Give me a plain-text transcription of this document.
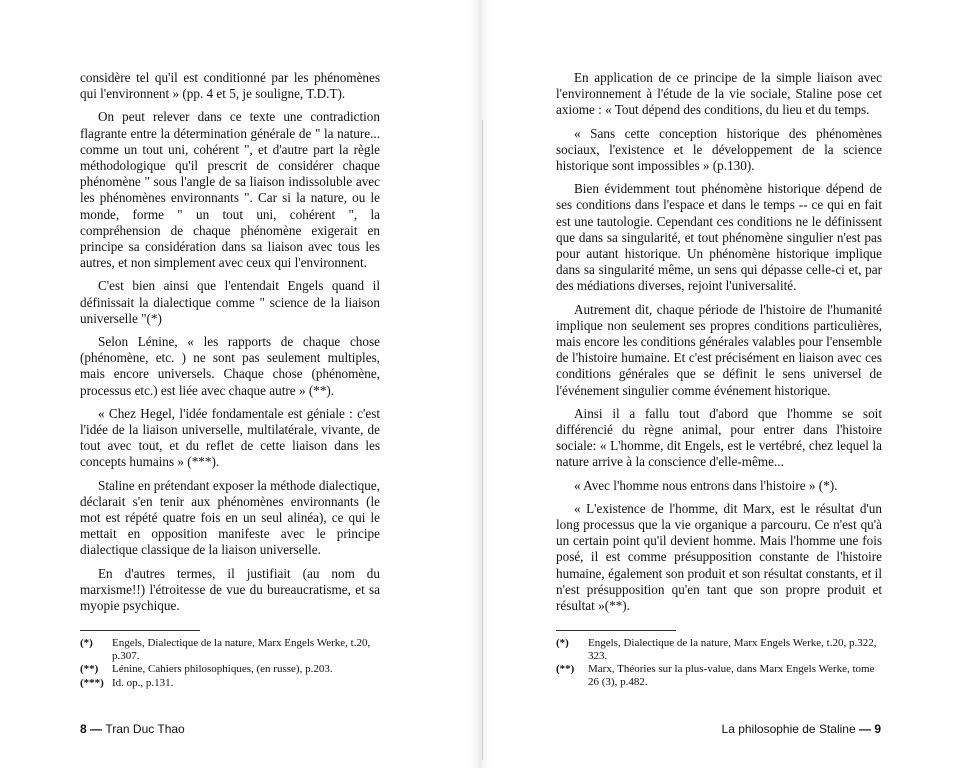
considère tel qu'il est conditionné par les phénomènes qui l'environnent » (pp. 4 et 5, je souligne, T.D.T).

On peut relever dans ce texte une contradiction flagrante entre la détermination générale de " la nature... comme un tout uni, cohérent ", et d'autre part la règle méthodologique qu'il prescrit de considérer chaque phénomène " sous l'angle de sa liaison indissoluble avec les phénomènes environnants ". Car si la nature, ou le monde, forme " un tout uni, cohérent ", la compréhension de chaque phénomène exigerait en principe sa considération dans sa liaison avec tous les autres, et non simplement avec ceux qui l'environnent.

C'est bien ainsi que l'entendait Engels quand il définissait la dialectique comme " science de la liaison universelle "(*)

Selon Lénine, « les rapports de chaque chose (phénomène, etc. ) ne sont pas seulement multiples, mais encore universels. Chaque chose (phénomène, processus etc.) est liée avec chaque autre » (**).

« Chez Hegel, l'idée fondamentale est géniale : c'est l'idée de la liaison universelle, multilatérale, vivante, de tout avec tout, et du reflet de cette liaison dans les concepts humains » (***).

Staline en prétendant exposer la méthode dialectique, déclarait s'en tenir aux phénomènes environnants (le mot est répété quatre fois en un seul alinéa), ce qui le mettait en opposition manifeste avec le principe dialectique classique de la liaison universelle.

En d'autres termes, il justifiait (au nom du marxisme!!) l'étroitesse de vue du bureaucratisme, et sa myopie psychique.

(*)	Engels, Dialectique de la nature, Marx Engels Werke, t.20, p.307.
(**)	Lénine, Cahiers philosophiques, (en russe), p.203.
(***) Id. op., p.131.
8 — Tran Duc Thao

En application de ce principe de la simple liaison avec l'environnement à l'étude de la vie sociale, Staline pose cet axiome : « Tout dépend des conditions, du lieu et du temps.

« Sans cette conception historique des phénomènes sociaux, l'existence et le développement de la science historique sont impossibles » (p.130).

Bien évidemment tout phénomène historique dépend de ses conditions dans l'espace et dans le temps -- ce qui en fait est une tautologie. Cependant ces conditions ne le définissent que dans sa singularité, et tout phénomène singulier n'est pas pour autant historique. Un phénomène historique implique dans sa singularité même, un sens qui dépasse celle-ci et, par des médiations diverses, rejoint l'universalité.

Autrement dit, chaque période de l'histoire de l'humanité implique non seulement ses propres conditions particulières, mais encore les conditions générales valables pour l'ensemble de l'histoire humaine. Et c'est précisément en liaison avec ces conditions générales que se définit le sens universel de l'événement singulier comme événement historique.

Ainsi il a fallu tout d'abord que l'homme se soit différencié du règne animal, pour entrer dans l'histoire sociale: « L'homme, dit Engels, est le vertébré, chez lequel la nature arrive à la conscience d'elle-même...

« Avec l'homme nous entrons dans l'histoire » (*).

« L'existence de l'homme, dit Marx, est le résultat d'un long processus que la vie organique a parcouru. Ce n'est qu'à un certain point qu'il devient homme. Mais l'homme une fois posé, il est comme présupposition constante de l'histoire humaine, également son produit et son résultat constants, et il n'est présupposition qu'en tant que son propre produit et résultat »(**).

(*)	Engels, Dialectique de la nature, Marx Engels Werke, t.20, p.322, 323.
(**)	Marx, Théories sur la plus-value, dans Marx Engels Werke, tome 26 (3), p.482.
La philosophie de Staline — 9
